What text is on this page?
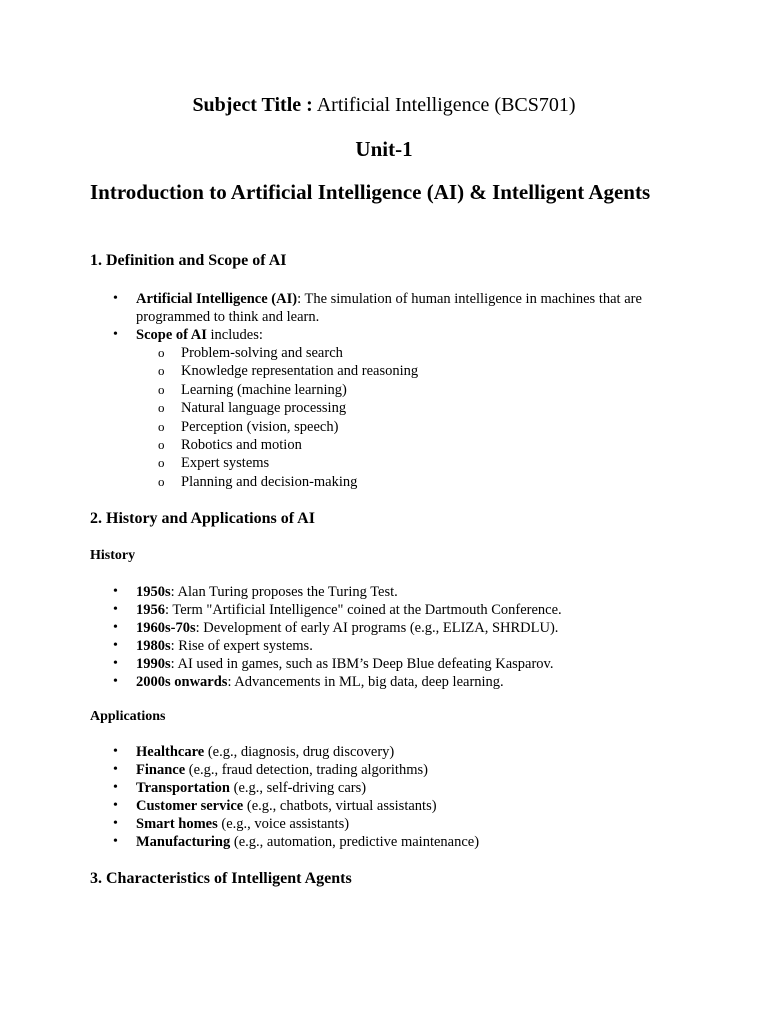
Subject Title : Artificial Intelligence (BCS701)
Unit-1
Introduction to Artificial Intelligence (AI) & Intelligent Agents
1. Definition and Scope of AI
• Artificial Intelligence (AI): The simulation of human intelligence in machines that are programmed to think and learn.
• Scope of AI includes:
o Problem-solving and search
o Knowledge representation and reasoning
o Learning (machine learning)
o Natural language processing
o Perception (vision, speech)
o Robotics and motion
o Expert systems
o Planning and decision-making
2. History and Applications of AI
History
• 1950s: Alan Turing proposes the Turing Test.
• 1956: Term "Artificial Intelligence" coined at the Dartmouth Conference.
• 1960s-70s: Development of early AI programs (e.g., ELIZA, SHRDLU).
• 1980s: Rise of expert systems.
• 1990s: AI used in games, such as IBM’s Deep Blue defeating Kasparov.
• 2000s onwards: Advancements in ML, big data, deep learning.
Applications
• Healthcare (e.g., diagnosis, drug discovery)
• Finance (e.g., fraud detection, trading algorithms)
• Transportation (e.g., self-driving cars)
• Customer service (e.g., chatbots, virtual assistants)
• Smart homes (e.g., voice assistants)
• Manufacturing (e.g., automation, predictive maintenance)
3. Characteristics of Intelligent Agents
